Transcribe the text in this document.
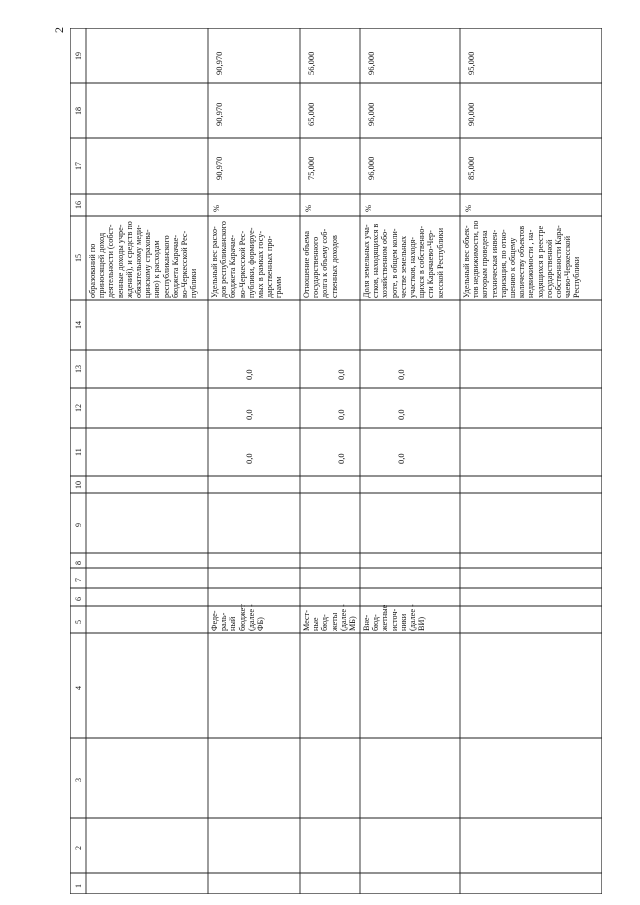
2
1
2
3
4
5
6
7
8
9
10
11
12
13
14
15
16
17
18
19
образований по
приносящей доход
деятельности (собст-
венные доходы учре-
ждений), и средств по
обязательному меди-
цинскому страхова-
нию) к расходам
республиканского
бюджета Карачае-
во-Черкесской Рес-
публики Удельный вес расхо-
дов республиканского
бюджета Карачае-
во-Черкесской Рес-
публики, формируе-
мых в рамках госу-
дарственных про-
грамм
Феде-
раль-
ный
бюджет
(далее -
ФБ)
0,0
0,0
0,0
%
90,970
90,970
90,970
Отношение объема
государственного
долга к объему соб-
ственных доходов
Мест-
ные
бюд-
жеты
(далее -
МБ)
0,0
0,0
0,0
%
75,000
65,000
56,000
Доля земельных уча-
стков, находящихся в
хозяйственном обо-
роте, в общем коли-
честве земельных
участков, находя-
щихся в собственно-
сти Карачаево-Чер-
кесской Республики
Вне-
бюд-
жетные
источ-
ники
(далее -
ВИ)
0,0
0,0
0,0
%
96,000
96,000
96,000
Удельный вес объек-
тов недвижимости, по
которым проведена
техническая инвен-
таризация, по отно-
шению к общему
количеству объектов
недвижимости , на-
ходящихся в реестре
государственной
собственности Кара-
чаево-Черкесской
Республики
%
85,000
90,000
95,000
